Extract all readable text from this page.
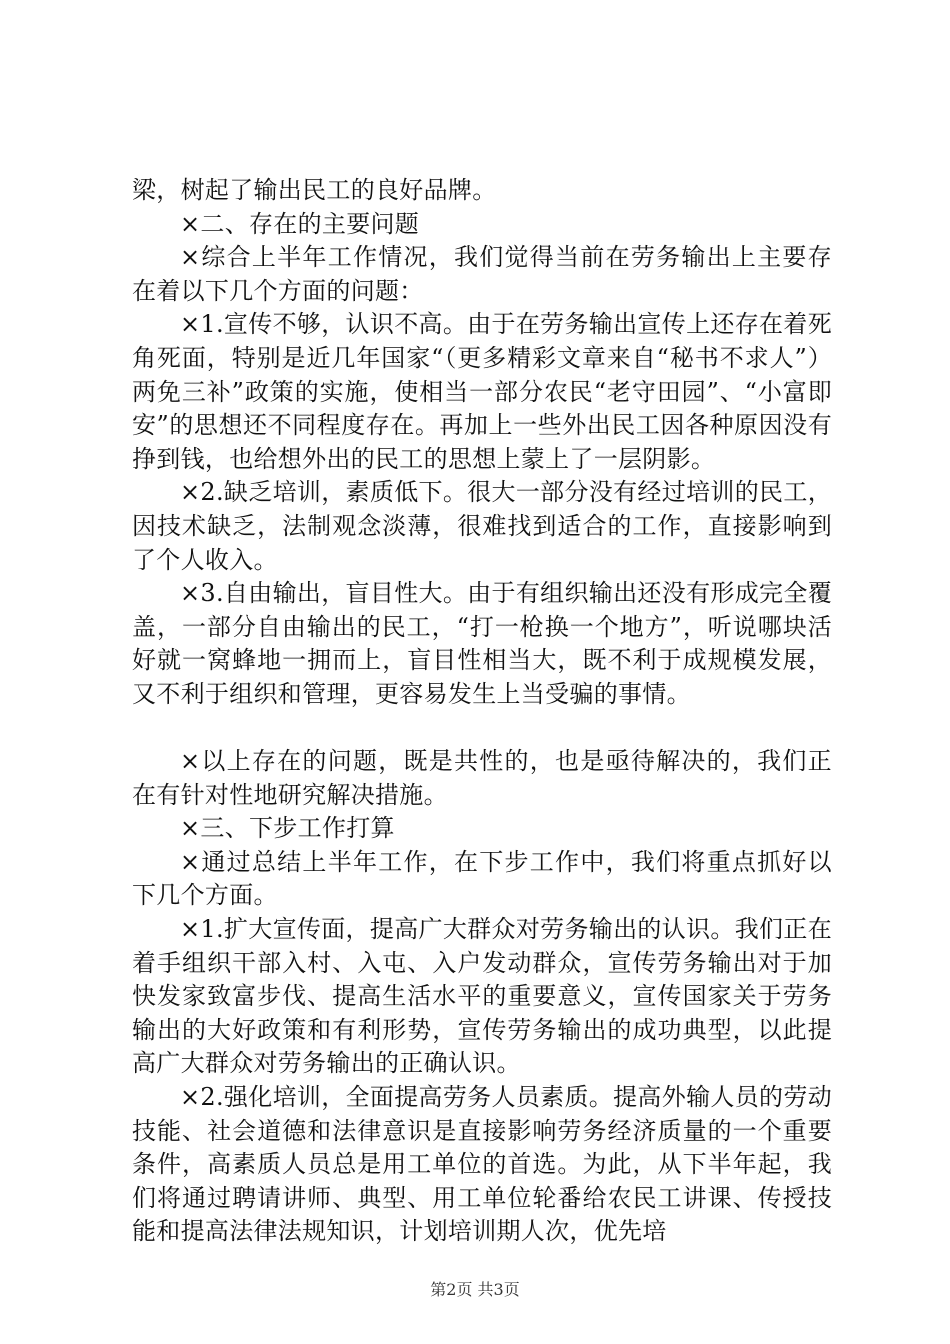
梁，树起了输出民工的良好品牌。

×二、存在的主要问题

×综合上半年工作情况，我们觉得当前在劳务输出上主要存在着以下几个方面的问题：

×1.宣传不够，认识不高。由于在劳务输出宣传上还存在着死角死面，特别是近几年国家“（更多精彩文章来自“秘书不求人”）两免三补”政策的实施，使相当一部分农民“老守田园”、“小富即安”的思想还不同程度存在。再加上一些外出民工因各种原因没有挣到钱，也给想外出的民工的思想上蒙上了一层阴影。

×2.缺乏培训，素质低下。很大一部分没有经过培训的民工，因技术缺乏，法制观念淡薄，很难找到适合的工作，直接影响到了个人收入。

×3.自由输出，盲目性大。由于有组织输出还没有形成完全覆盖，一部分自由输出的民工，“打一枪换一个地方”，听说哪块活好就一窝蜂地一拥而上，盲目性相当大，既不利于成规模发展，又不利于组织和管理，更容易发生上当受骗的事情。

×以上存在的问题，既是共性的，也是亟待解决的，我们正在有针对性地研究解决措施。

×三、下步工作打算

×通过总结上半年工作，在下步工作中，我们将重点抓好以下几个方面。

×1.扩大宣传面，提高广大群众对劳务输出的认识。我们正在着手组织干部入村、入屯、入户发动群众，宣传劳务输出对于加快发家致富步伐、提高生活水平的重要意义，宣传国家关于劳务输出的大好政策和有利形势，宣传劳务输出的成功典型，以此提高广大群众对劳务输出的正确认识。

×2.强化培训，全面提高劳务人员素质。提高外输人员的劳动技能、社会道德和法律意识是直接影响劳务经济质量的一个重要条件，高素质人员总是用工单位的首选。为此，从下半年起，我们将通过聘请讲师、典型、用工单位轮番给农民工讲课、传授技能和提高法律法规知识，计划培训期人次，优先培

第2页 共3页
